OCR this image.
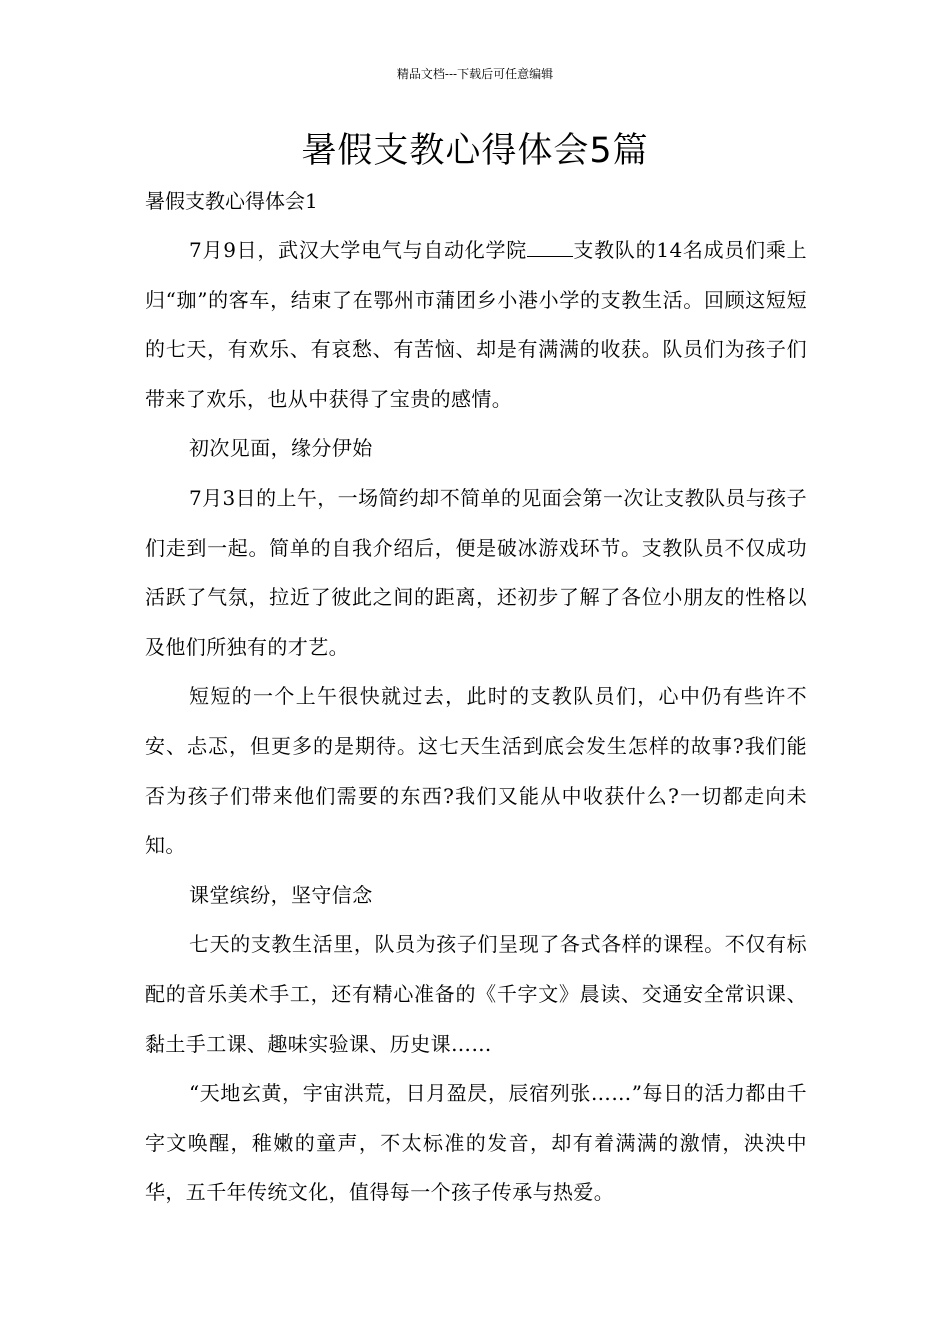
精品文档---下载后可任意编辑
暑假支教心得体会5篇

暑假支教心得体会1

7月9日，武汉大学电气与自动化学院 支教队的14名成员们乘上归“珈”的客车，结束了在鄂州市蒲团乡小港小学的支教生活。回顾这短短的七天，有欢乐、有哀愁、有苦恼、却是有满满的收获。队员们为孩子们带来了欢乐，也从中获得了宝贵的感情。

初次见面，缘分伊始

7月3日的上午，一场简约却不简单的见面会第一次让支教队员与孩子们走到一起。简单的自我介绍后，便是破冰游戏环节。支教队员不仅成功活跃了气氛，拉近了彼此之间的距离，还初步了解了各位小朋友的性格以及他们所独有的才艺。

短短的一个上午很快就过去，此时的支教队员们，心中仍有些许不安、忐忑，但更多的是期待。这七天生活到底会发生怎样的故事?我们能否为孩子们带来他们需要的东西?我们又能从中收获什么?一切都走向未知。

课堂缤纷，坚守信念

七天的支教生活里，队员为孩子们呈现了各式各样的课程。不仅有标配的音乐美术手工，还有精心准备的《千字文》晨读、交通安全常识课、黏土手工课、趣味实验课、历史课……

“天地玄黄，宇宙洪荒，日月盈昃，辰宿列张……”每日的活力都由千字文唤醒，稚嫩的童声，不太标准的发音，却有着满满的激情，泱泱中华，五千年传统文化，值得每一个孩子传承与热爱。
